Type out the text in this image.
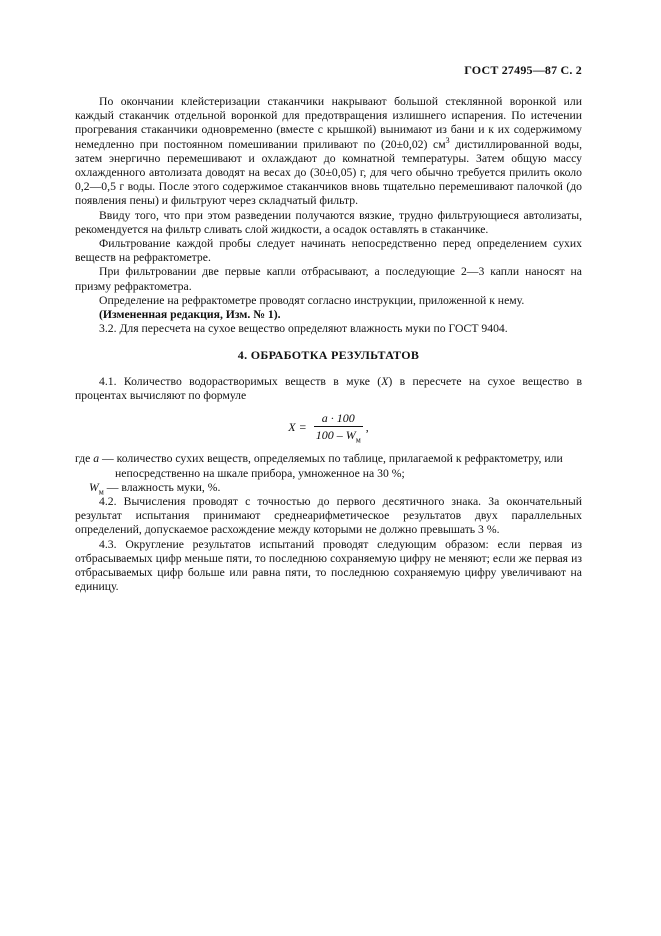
ГОСТ 27495—87 С. 2

По окончании клейстеризации стаканчики накрывают большой стеклянной воронкой или каждый стаканчик отдельной воронкой для предотвращения излишнего испарения. По истечении прогревания стаканчики одновременно (вместе с крышкой) вынимают из бани и к их содержимому немедленно при постоянном помешивании приливают по (20±0,02) $см^3$ дистиллированной воды, затем энергично перемешивают и охлаждают до комнатной температуры. Затем общую массу охлажденного автолизата доводят на весах до (30±0,05) г, для чего обычно требуется прилить около 0,2—0,5 г воды. После этого содержимое стаканчиков вновь тщательно перемешивают палочкой (до появления пены) и фильтруют через складчатый фильтр.

Ввиду того, что при этом разведении получаются вязкие, трудно фильтрующиеся автолизаты, рекомендуется на фильтр сливать слой жидкости, а осадок оставлять в стаканчике.

Фильтрование каждой пробы следует начинать непосредственно перед определением сухих веществ на рефрактометре.

При фильтровании две первые капли отбрасывают, а последующие 2—3 капли наносят на призму рефрактометра.

Определение на рефрактометре проводят согласно инструкции, приложенной к нему.

(Измененная редакция, Изм. № 1).

3.2. Для пересчета на сухое вещество определяют влажность муки по ГОСТ 9404.

4. ОБРАБОТКА РЕЗУЛЬТАТОВ

4.1. Количество водорастворимых веществ в муке (X) в пересчете на сухое вещество в процентах вычисляют по формуле

$X = \frac{a \cdot 100}{100 - W_м}$ ,

где a — количество сухих веществ, определяемых по таблице, прилагаемой к рефрактометру, или

непосредственно на шкале прибора, умноженное на 30 %;

$W_м$ — влажность муки, %.

4.2. Вычисления проводят с точностью до первого десятичного знака. За окончательный результат испытания принимают среднеарифметическое результатов двух параллельных определений, допускаемое расхождение между которыми не должно превышать 3 %.

4.3. Округление результатов испытаний проводят следующим образом: если первая из отбрасываемых цифр меньше пяти, то последнюю сохраняемую цифру не меняют; если же первая из отбрасываемых цифр больше или равна пяти, то последнюю сохраняемую цифру увеличивают на единицу.
